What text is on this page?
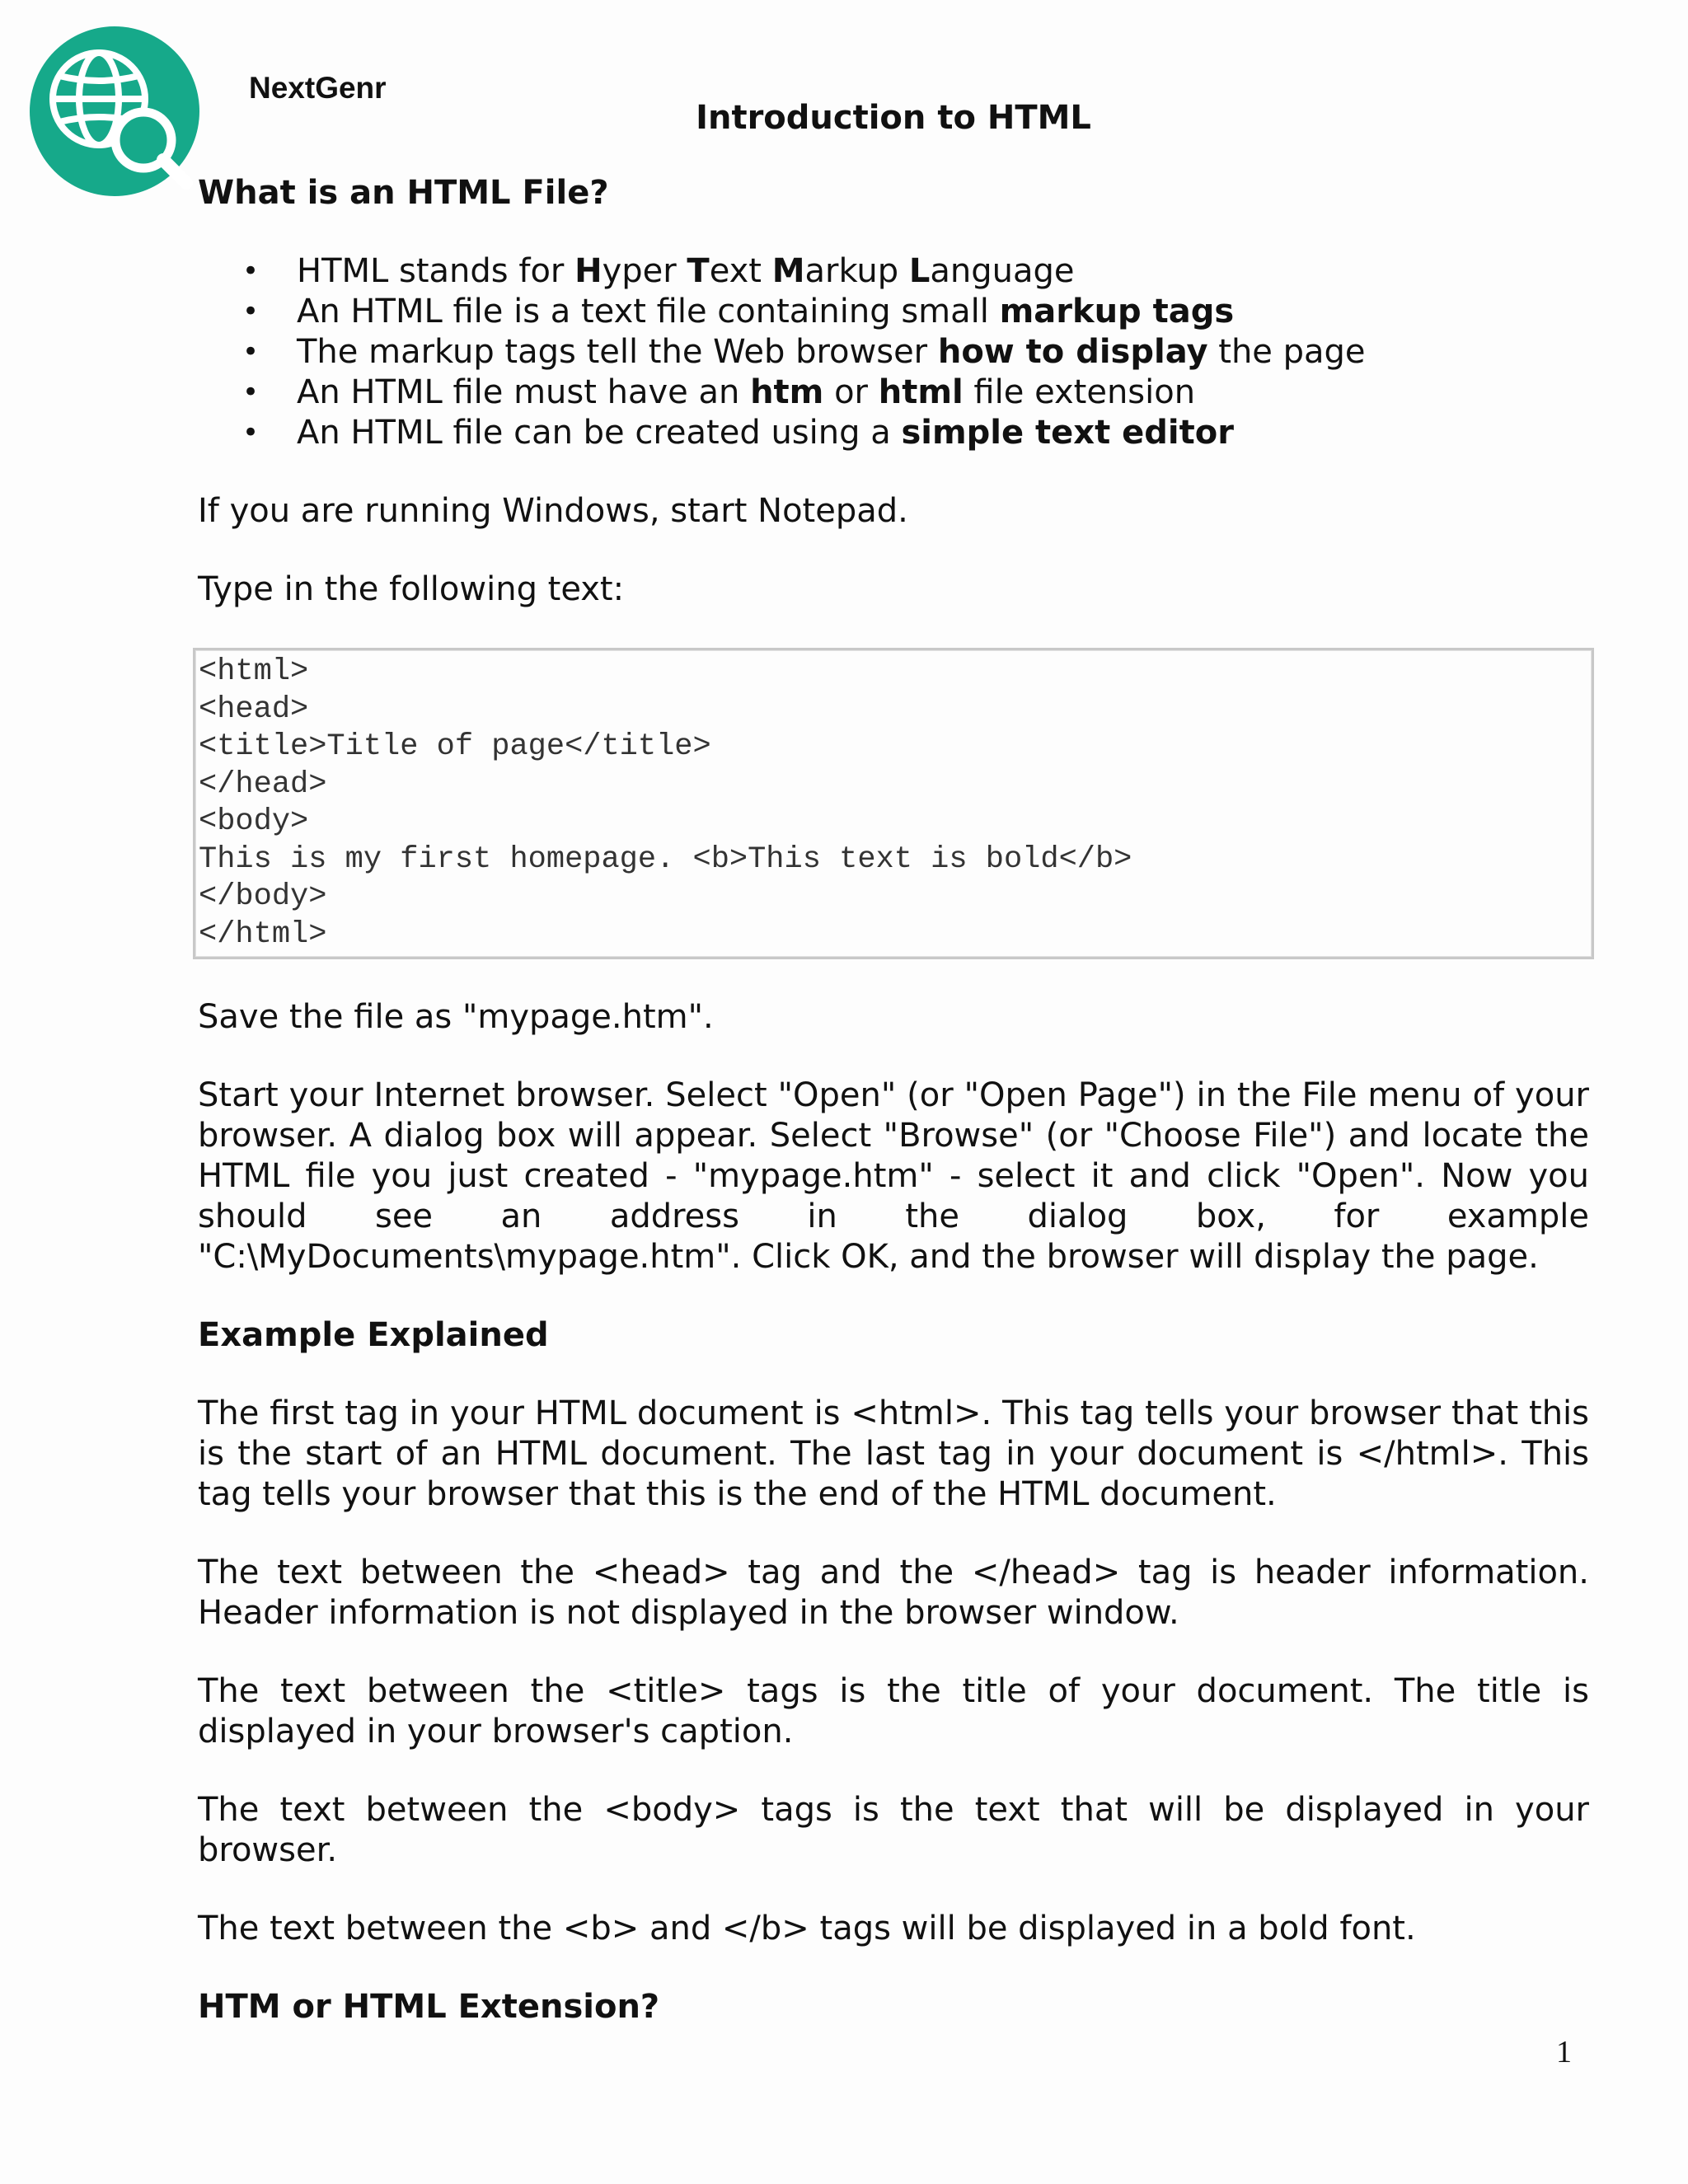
NextGenr
Introduction to HTML
What is an HTML File?
• HTML stands for Hyper Text Markup Language
• An HTML file is a text file containing small markup tags
• The markup tags tell the Web browser how to display the page
• An HTML file must have an htm or html file extension
• An HTML file can be created using a simple text editor

If you are running Windows, start Notepad.

Type in the following text:

<html>
<head>
<title>Title of page</title>
</head>
<body>
This is my first homepage. <b>This text is bold</b>
</body>
</html>

Save the file as "mypage.htm".

Start your Internet browser. Select "Open" (or "Open Page") in the File menu of your browser. A dialog box will appear. Select "Browse" (or "Choose File") and locate the HTML file you just created - "mypage.htm" - select it and click "Open". Now you should see an address in the dialog box, for example "C:\MyDocuments\mypage.htm". Click OK, and the browser will display the page.

Example Explained

The first tag in your HTML document is <html>. This tag tells your browser that this is the start of an HTML document. The last tag in your document is </html>. This tag tells your browser that this is the end of the HTML document.

The text between the <head> tag and the </head> tag is header information. Header information is not displayed in the browser window.

The text between the <title> tags is the title of your document. The title is displayed in your browser's caption.

The text between the <body> tags is the text that will be displayed in your browser.

The text between the <b> and </b> tags will be displayed in a bold font.

HTM or HTML Extension?
1
